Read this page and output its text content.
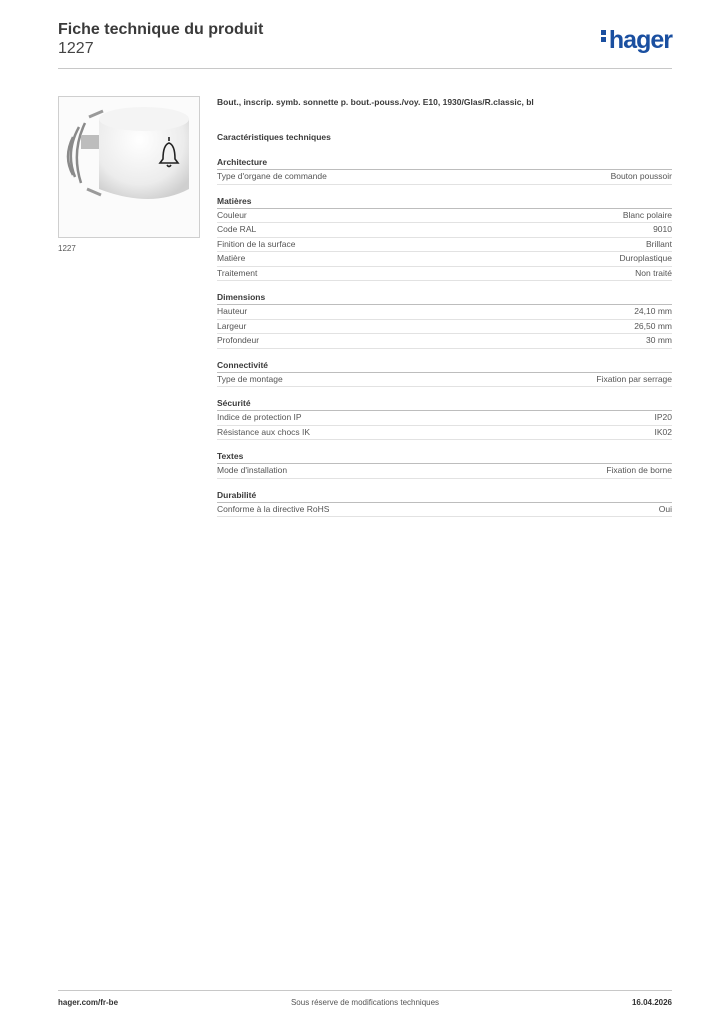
Fiche technique du produit
1227	hager
1227
Bout., inscrip. symb. sonnette p. bout.-pouss./voy. E10, 1930/Glas/R.classic, bl
Caractéristiques techniques
Architecture
Type d'organe de commande	Bouton poussoir
Matières
Couleur	Blanc polaire
Code RAL	9010
Finition de la surface	Brillant
Matière	Duroplastique
Traitement	Non traité
Dimensions
Hauteur	24,10 mm
Largeur	26,50 mm
Profondeur	30 mm
Connectivité
Type de montage	Fixation par serrage
Sécurité
Indice de protection IP	IP20
Résistance aux chocs IK	IK02
Textes
Mode d'installation	Fixation de borne
Durabilité
Conforme à la directive RoHS	Oui
hager.com/fr-be	Sous réserve de modifications techniques	16.04.2026
